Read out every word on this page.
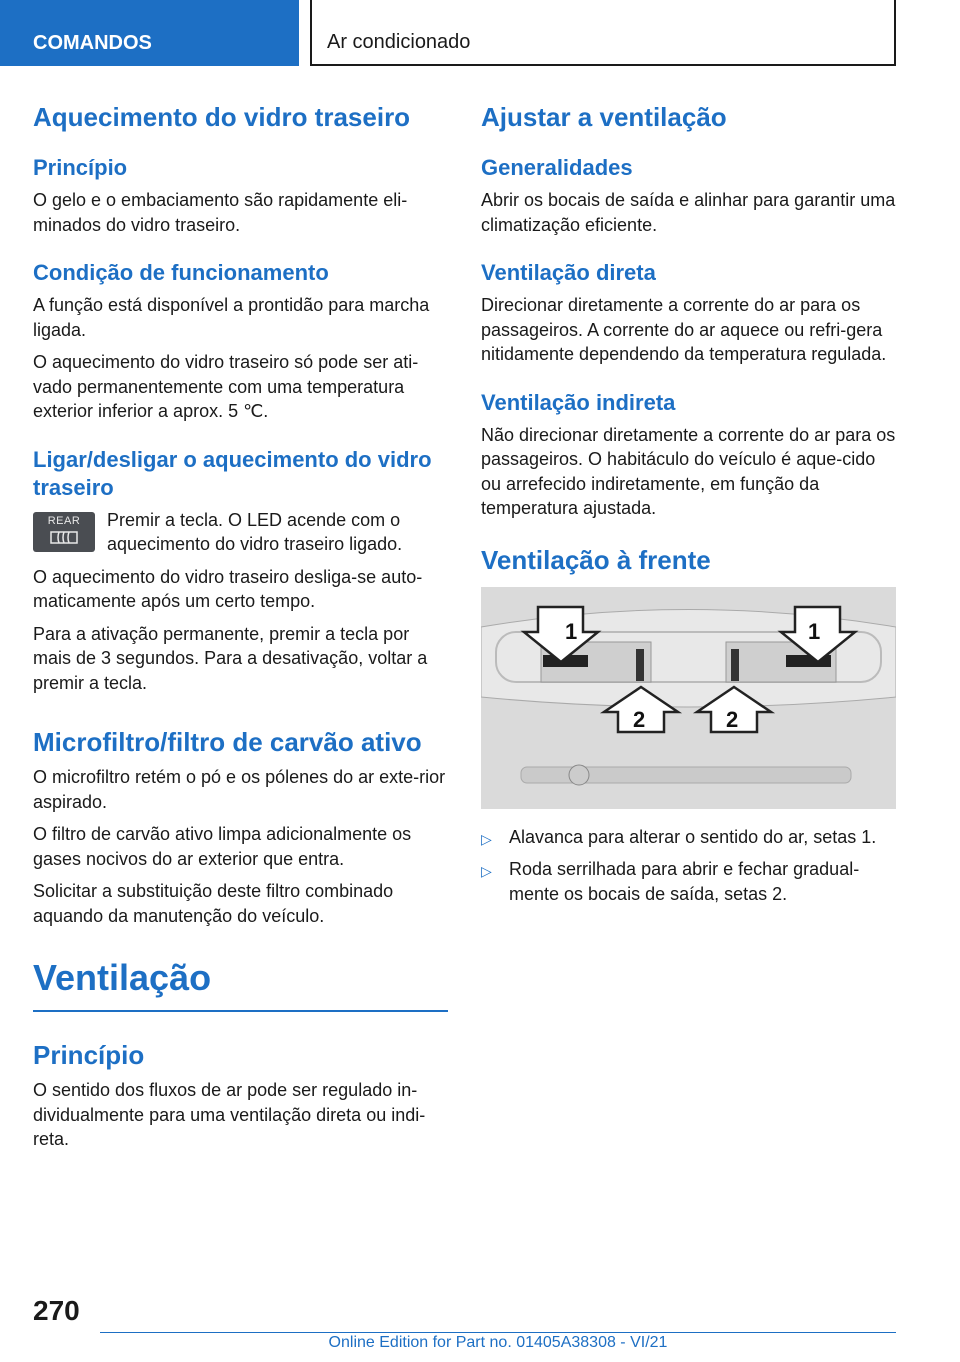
COMANDOS	Ar condicionado
Aquecimento do vidro traseiro
Princípio

O gelo e o embaciamento são rapidamente eli-minados do vidro traseiro.

Condição de funcionamento

A função está disponível a prontidão para marcha ligada.

O aquecimento do vidro traseiro só pode ser ati-vado permanentemente com uma temperatura exterior inferior a aprox. 5 ℃.

Ligar/desligar o aquecimento do vidro traseiro
REAR	Premir a tecla. O LED acende com o aquecimento do vidro traseiro ligado.

O aquecimento do vidro traseiro desliga-se auto-maticamente após um certo tempo.

Para a ativação permanente, premir a tecla por mais de 3 segundos. Para a desativação, voltar a premir a tecla.

Microfiltro/filtro de carvão ativo

O microfiltro retém o pó e os pólenes do ar exte-rior aspirado.

O filtro de carvão ativo limpa adicionalmente os gases nocivos do ar exterior que entra.

Solicitar a substituição deste filtro combinado aquando da manutenção do veículo.

Ventilação
Princípio

O sentido dos fluxos de ar pode ser regulado in-dividualmente para uma ventilação direta ou indi-reta.

Ajustar a ventilação
Generalidades

Abrir os bocais de saída e alinhar para garantir uma climatização eficiente.

Ventilação direta

Direcionar diretamente a corrente do ar para os passageiros. A corrente do ar aquece ou refri-gera nitidamente dependendo da temperatura regulada.

Ventilação indireta

Não direcionar diretamente a corrente do ar para os passageiros. O habitáculo do veículo é aque-cido ou arrefecido indiretamente, em função da temperatura ajustada.

Ventilação à frente
1	1
2	2
▷ Alavanca para alterar o sentido do ar, setas 1.
▷ Roda serrilhada para abrir e fechar gradual-mente os bocais de saída, setas 2.
270
Online Edition for Part no. 01405A38308 - VI/21
